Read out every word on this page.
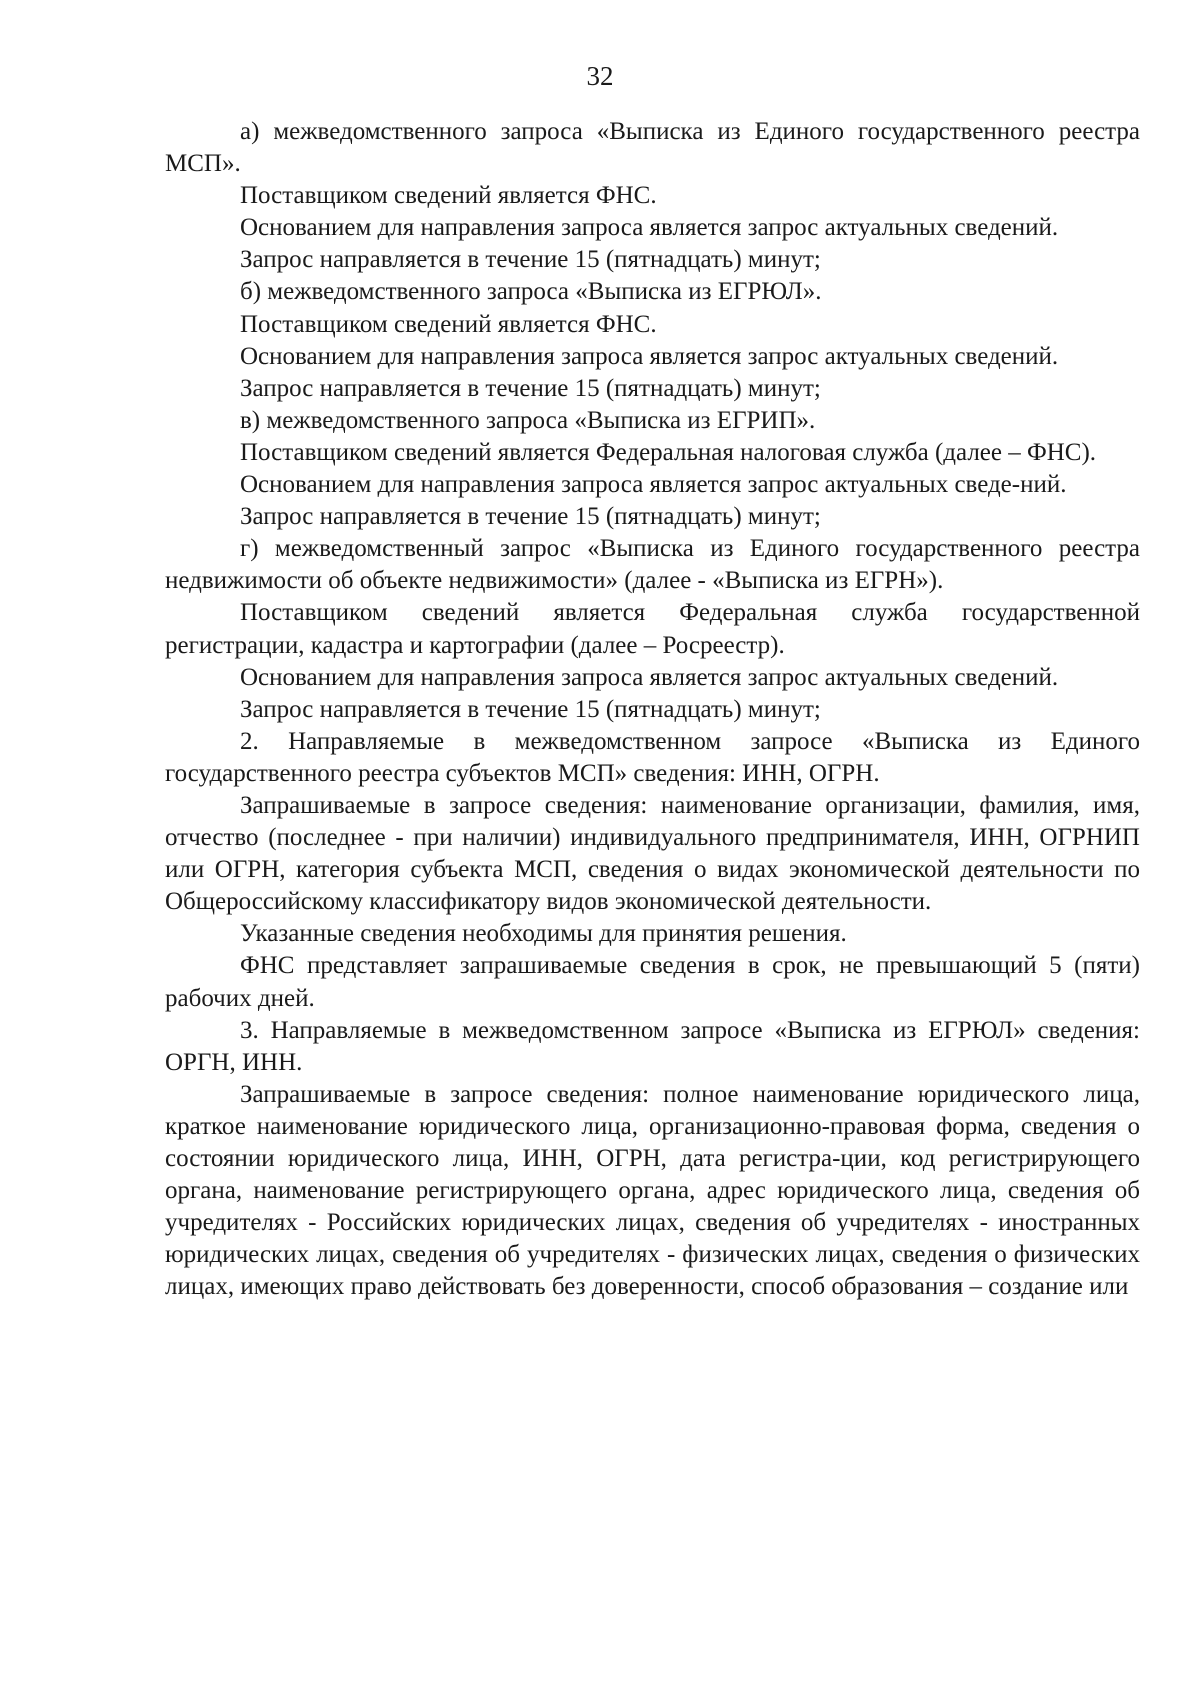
32

а) межведомственного запроса «Выписка из Единого государственного реестра МСП».

Поставщиком сведений является ФНС.

Основанием для направления запроса является запрос актуальных сведений.

Запрос направляется в течение 15 (пятнадцать) минут;

б) межведомственного запроса «Выписка из ЕГРЮЛ».

Поставщиком сведений является ФНС.

Основанием для направления запроса является запрос актуальных сведений.

Запрос направляется в течение 15 (пятнадцать) минут;

в) межведомственного запроса «Выписка из ЕГРИП».

Поставщиком сведений является Федеральная налоговая служба (далее – ФНС).

Основанием для направления запроса является запрос актуальных сведе-ний.

Запрос направляется в течение 15 (пятнадцать) минут;

г) межведомственный запрос «Выписка из Единого государственного реестра недвижимости об объекте недвижимости» (далее - «Выписка из ЕГРН»).

Поставщиком сведений является Федеральная служба государственной регистрации, кадастра и картографии (далее – Росреестр).

Основанием для направления запроса является запрос актуальных сведений.

Запрос направляется в течение 15 (пятнадцать) минут;

2. Направляемые в межведомственном запросе «Выписка из Единого государственного реестра субъектов МСП» сведения: ИНН, ОГРН.

Запрашиваемые в запросе сведения: наименование организации, фамилия, имя, отчество (последнее - при наличии) индивидуального предпринимателя, ИНН, ОГРНИП или ОГРН, категория субъекта МСП, сведения о видах экономической деятельности по Общероссийскому классификатору видов экономической деятельности.

Указанные сведения необходимы для принятия решения.

ФНС представляет запрашиваемые сведения в срок, не превышающий 5 (пяти) рабочих дней.

3. Направляемые в межведомственном запросе «Выписка из ЕГРЮЛ» сведения: ОРГН, ИНН.

Запрашиваемые в запросе сведения: полное наименование юридического лица, краткое наименование юридического лица, организационно-правовая форма, сведения о состоянии юридического лица, ИНН, ОГРН, дата регистра-ции, код регистрирующего органа, наименование регистрирующего органа, адрес юридического лица, сведения об учредителях - Российских юридических лицах, сведения об учредителях - иностранных юридических лицах, сведения об учредителях - физических лицах, сведения о физических лицах, имеющих право действовать без доверенности, способ образования – создание или
